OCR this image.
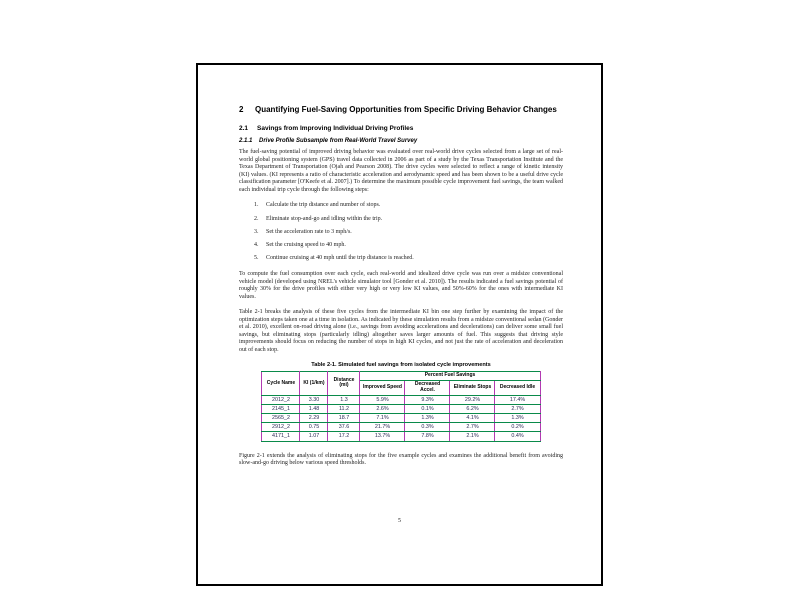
2	Quantifying Fuel-Saving Opportunities from Specific Driving Behavior Changes
2.1	Savings from Improving Individual Driving Profiles
2.1.1	Drive Profile Subsample from Real-World Travel Survey

The fuel-saving potential of improved driving behavior was evaluated over real-world drive cycles selected from a large set of real-world global positioning system (GPS) travel data collected in 2006 as part of a study by the Texas Transportation Institute and the Texas Department of Transportation (Ojah and Pearson 2008). The drive cycles were selected to reflect a range of kinetic intensity (KI) values. (KI represents a ratio of characteristic acceleration and aerodynamic speed and has been shown to be a useful drive cycle classification parameter [O'Keefe et al. 2007].) To determine the maximum possible cycle improvement fuel savings, the team walked each individual trip cycle through the following steps:

1.	Calculate the trip distance and number of stops.
2.	Eliminate stop-and-go and idling within the trip.
3.	Set the acceleration rate to 3 mph/s.
4.	Set the cruising speed to 40 mph.
5.	Continue cruising at 40 mph until the trip distance is reached.

To compute the fuel consumption over each cycle, each real-world and idealized drive cycle was run over a midsize conventional vehicle model (developed using NREL's vehicle simulator tool [Gonder et al. 2010]). The results indicated a fuel savings potential of roughly 30% for the drive profiles with either very high or very low KI values, and 50%-60% for the ones with intermediate KI values.

Table 2-1 breaks the analysis of these five cycles from the intermediate KI bin one step further by examining the impact of the optimization steps taken one at a time in isolation. As indicated by these simulation results from a midsize conventional sedan (Gonder et al. 2010), excellent on-road driving alone (i.e., savings from avoiding accelerations and decelerations) can deliver some small fuel savings, but eliminating stops (particularly idling) altogether saves larger amounts of fuel. This suggests that driving style improvements should focus on reducing the number of stops in high KI cycles, and not just the rate of acceleration and deceleration out of each stop.

Table 2-1. Simulated fuel savings from isolated cycle improvements
Cycle Name	KI (1/km)	Distance (mi)	Percent Fuel Savings			
			Improved Speed	Decreased Accel.	Eliminate Stops	Decreased Idle
2012_2	3.30	1.3	5.9%	9.3%	29.2%	17.4%
2145_1	1.48	11.2	2.6%	0.1%	6.2%	2.7%
2565_2	2.29	18.7	7.1%	1.3%	4.1%	1.3%
2912_2	0.75	37.6	21.7%	0.3%	2.7%	0.2%
4171_1	1.07	17.2	13.7%	7.8%	2.1%	0.4%

Figure 2-1 extends the analysis of eliminating stops for the five example cycles and examines the additional benefit from avoiding slow-and-go driving below various speed thresholds.

5
